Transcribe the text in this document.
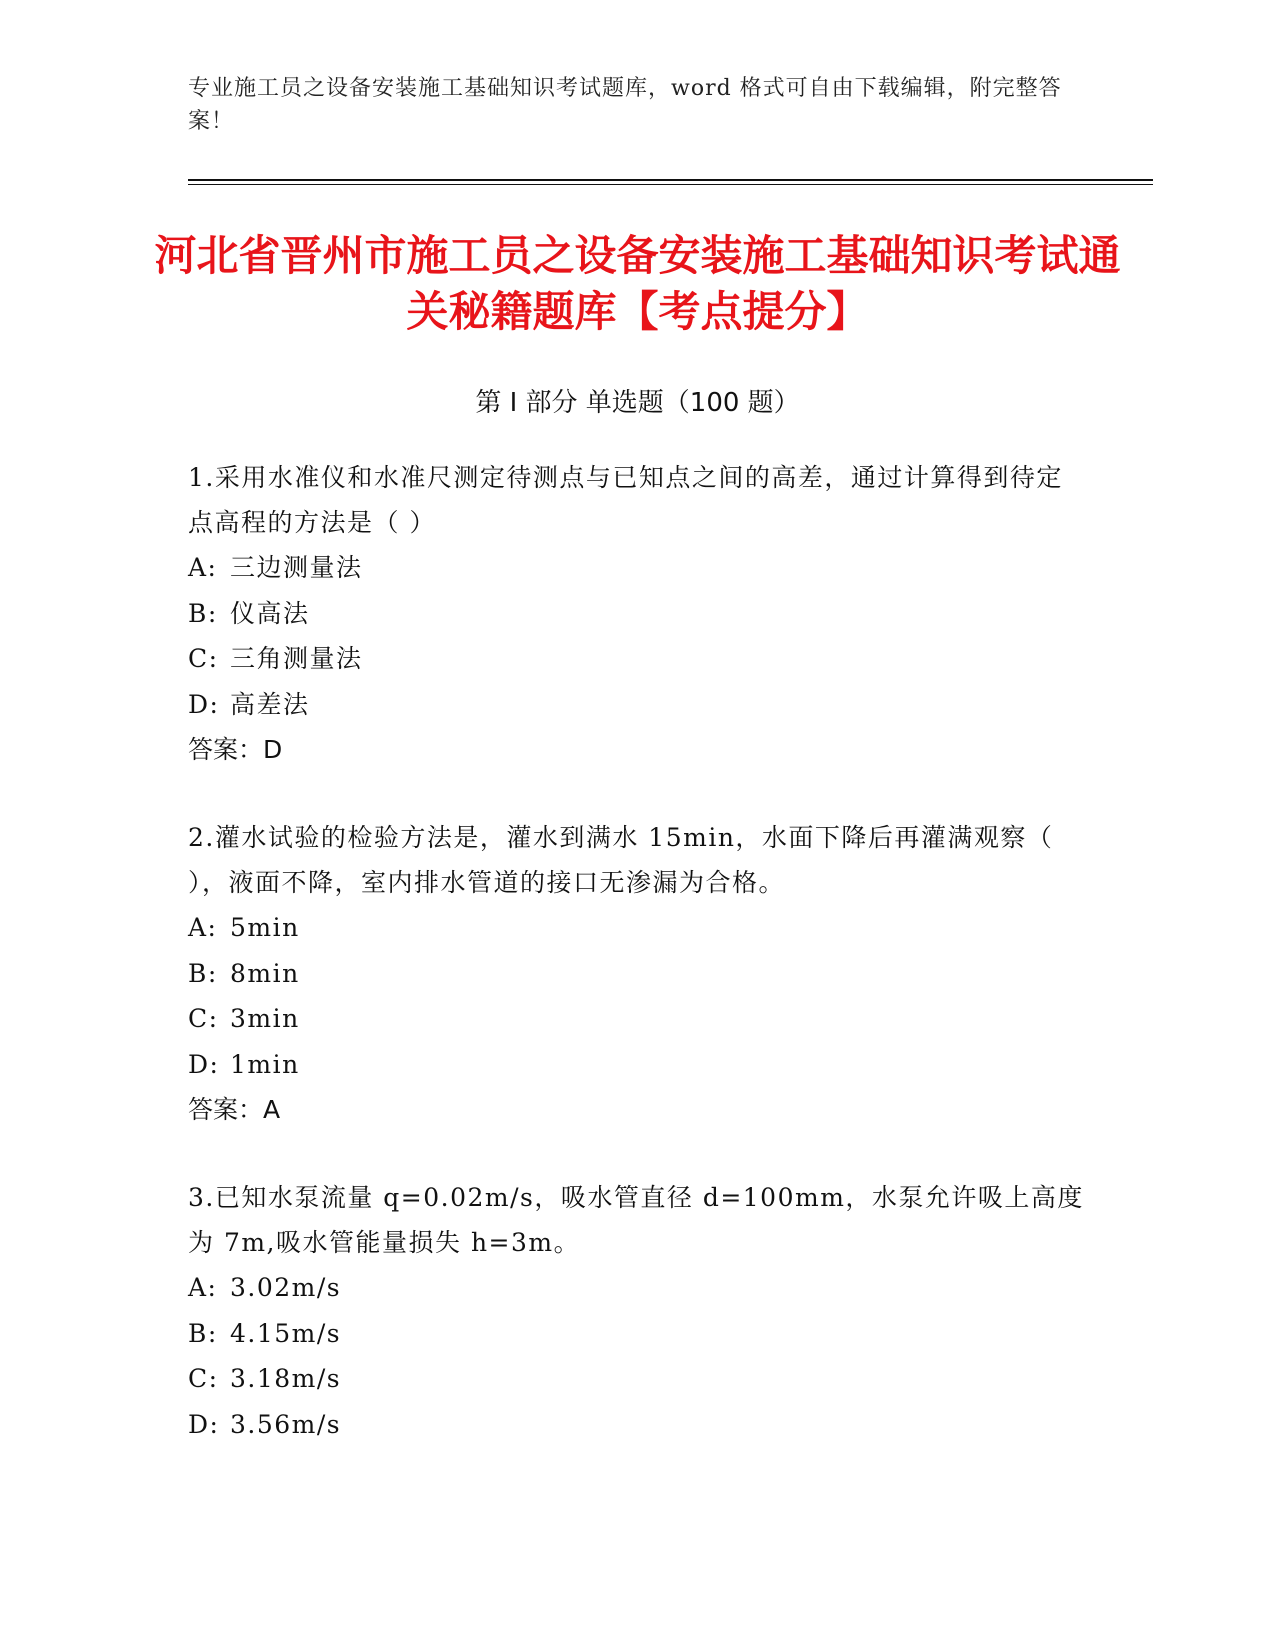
专业施工员之设备安装施工基础知识考试题库，word 格式可自由下载编辑，附完整答案！
河北省晋州市施工员之设备安装施工基础知识考试通关秘籍题库【考点提分】
第 I 部分 单选题（100 题）

1.采用水准仪和水准尺测定待测点与已知点之间的高差，通过计算得到待定点高程的方法是（ ）

A: 三边测量法

B: 仪高法

C: 三角测量法

D: 高差法

答案：D

2.灌水试验的检验方法是，灌水到满水 15min，水面下降后再灌满观察（ ），液面不降，室内排水管道的接口无渗漏为合格。

A: 5min

B: 8min

C: 3min

D: 1min

答案：A

3.已知水泵流量 q=0.02m/s，吸水管直径 d=100mm，水泵允许吸上高度为 7m,吸水管能量损失 h=3m。

A: 3.02m/s

B: 4.15m/s

C: 3.18m/s

D: 3.56m/s
